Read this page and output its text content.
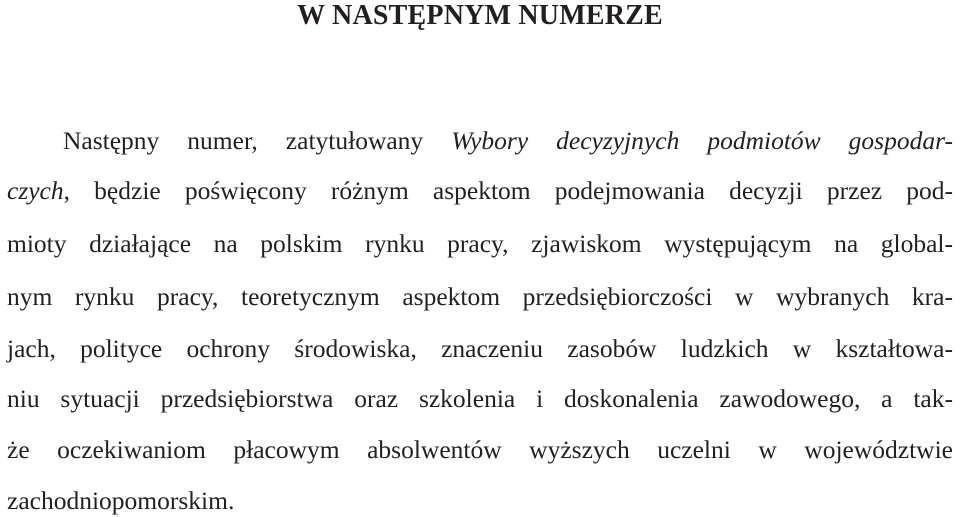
W NASTĘPNYM NUMERZE
Następny numer, zatytułowany Wybory decyzyjnych podmiotów gospodar-
czych, będzie poświęcony różnym aspektom podejmowania decyzji przez pod-
mioty działające na polskim rynku pracy, zjawiskom występującym na global-
nym rynku pracy, teoretycznym aspektom przedsiębiorczości w wybranych kra-
jach, polityce ochrony środowiska, znaczeniu zasobów ludzkich w kształtowa-
niu sytuacji przedsiębiorstwa oraz szkolenia i doskonalenia zawodowego, a tak-
że oczekiwaniom płacowym absolwentów wyższych uczelni w województwie
zachodniopomorskim.
